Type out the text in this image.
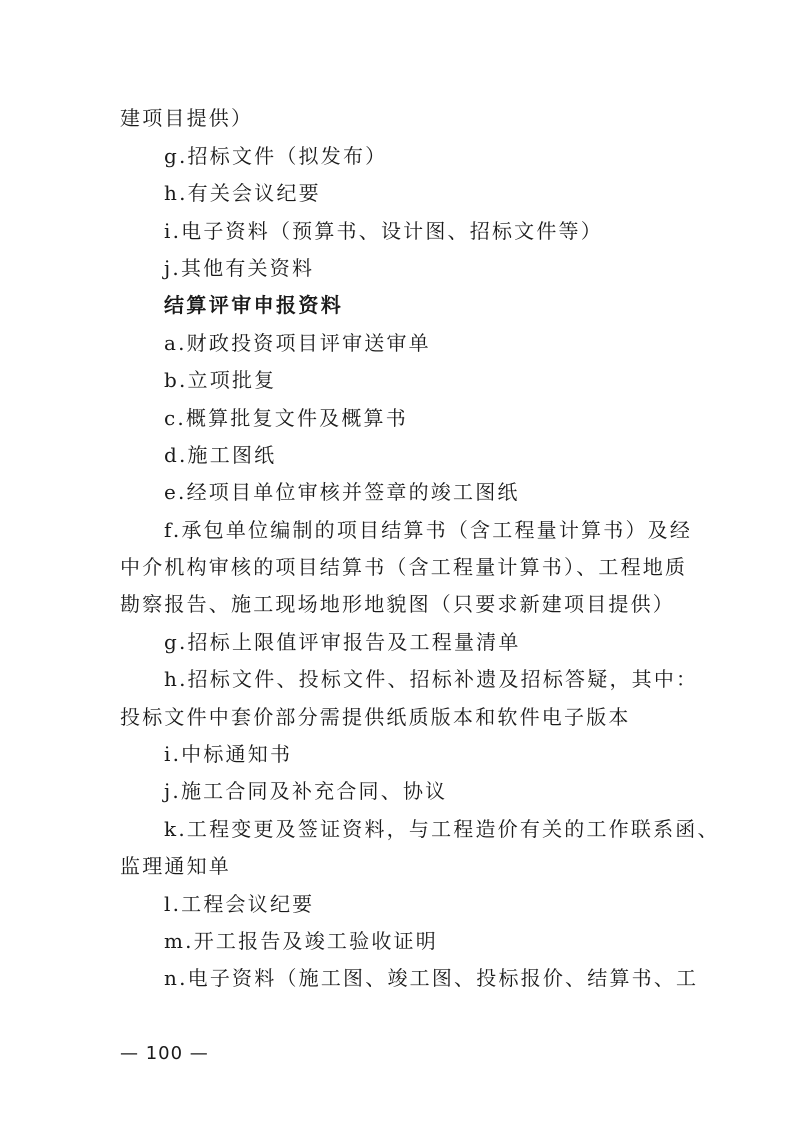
建项目提供）
g.招标文件（拟发布）
h.有关会议纪要
i.电子资料（预算书、设计图、招标文件等）
j.其他有关资料
结算评审申报资料
a.财政投资项目评审送审单
b.立项批复
c.概算批复文件及概算书
d.施工图纸
e.经项目单位审核并签章的竣工图纸
f.承包单位编制的项目结算书（含工程量计算书）及经
中介机构审核的项目结算书（含工程量计算书）、工程地质
勘察报告、施工现场地形地貌图（只要求新建项目提供）
g.招标上限值评审报告及工程量清单
h.招标文件、投标文件、招标补遗及招标答疑，其中：
投标文件中套价部分需提供纸质版本和软件电子版本
i.中标通知书
j.施工合同及补充合同、协议
k.工程变更及签证资料，与工程造价有关的工作联系函、
监理通知单
l.工程会议纪要
m.开工报告及竣工验收证明
n.电子资料（施工图、竣工图、投标报价、结算书、工
— 100 —
